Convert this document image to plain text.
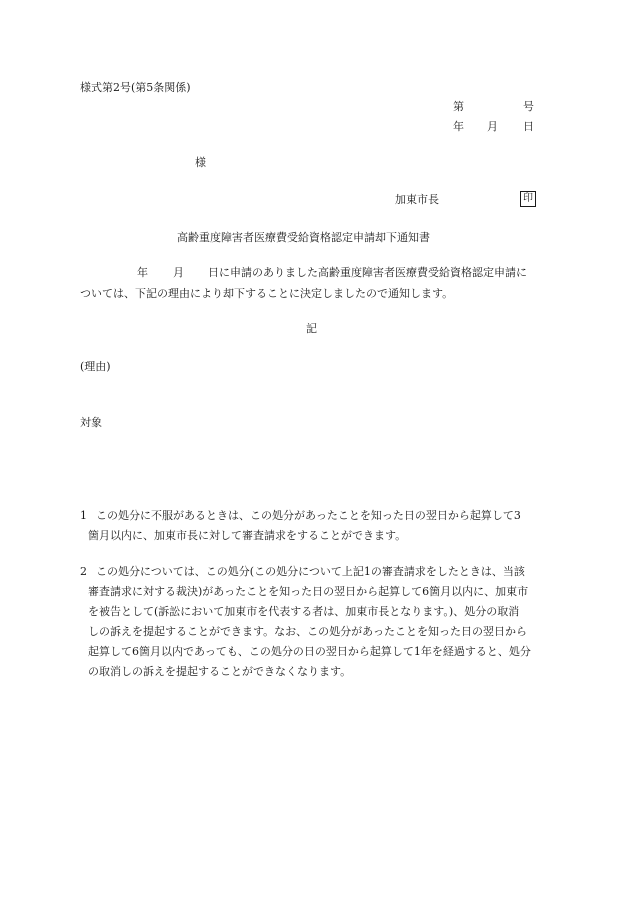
様式第2号(第5条関係)
第	号
年 月 日
様
加東市長	印
高齢重度障害者医療費受給資格認定申請却下通知書
年 月 日に申請のありました高齢重度障害者医療費受給資格認定申請に
ついては、下記の理由により却下することに決定しましたので通知します。
記
(理由)
対象
1 この処分に不服があるときは、この処分があったことを知った日の翌日から起算して3
箇月以内に、加東市長に対して審査請求をすることができます。
2 この処分については、この処分(この処分について上記1の審査請求をしたときは、当該
審査請求に対する裁決)があったことを知った日の翌日から起算して6箇月以内に、加東市
を被告として(訴訟において加東市を代表する者は、加東市長となります。)、処分の取消
しの訴えを提起することができます。なお、この処分があったことを知った日の翌日から
起算して6箇月以内であっても、この処分の日の翌日から起算して1年を経過すると、処分
の取消しの訴えを提起することができなくなります。
